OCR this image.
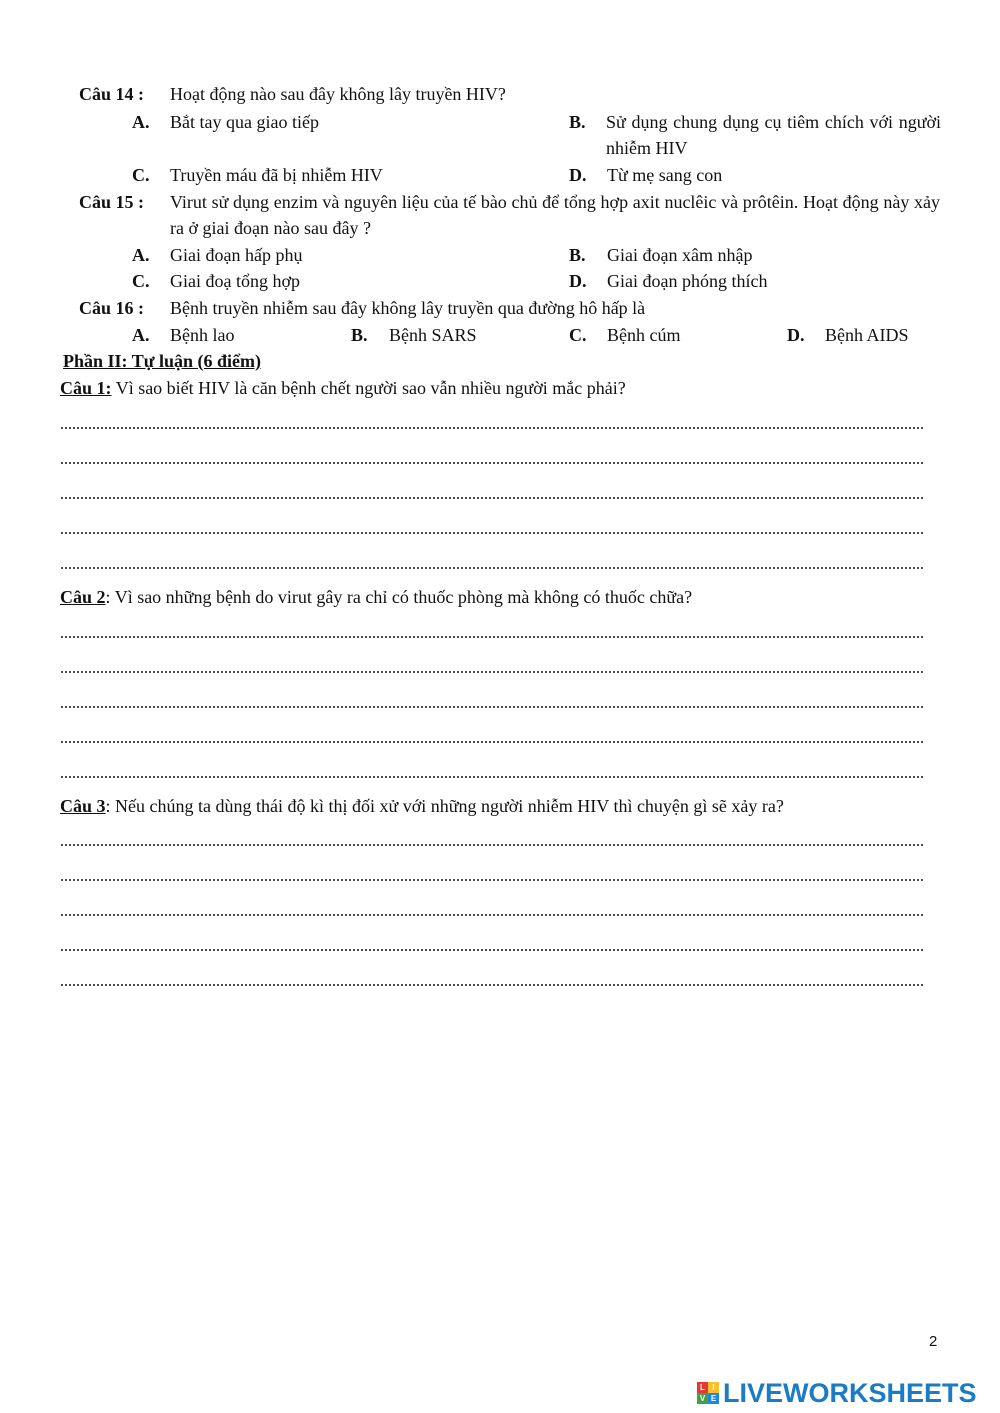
Câu 14 : Hoạt động nào sau đây không lây truyền HIV?
A. Bắt tay qua giao tiếp	B. Sử dụng chung dụng cụ tiêm chích với người nhiễm HIV
C. Truyền máu đã bị nhiễm HIV	D. Từ mẹ sang con
Câu 15 : Virut sử dụng enzim và nguyên liệu của tế bào chủ để tổng hợp axit nuclêic và prôtêin. Hoạt động này xảy ra ở giai đoạn nào sau đây ?
A. Giai đoạn hấp phụ	B. Giai đoạn xâm nhập
C. Giai đoạ tổng hợp	D. Giai đoạn phóng thích
Câu 16 : Bệnh truyền nhiễm sau đây không lây truyền qua đường hô hấp là
A. Bệnh lao	B. Bệnh SARS	C. Bệnh cúm	D. Bệnh AIDS
Phần II: Tự luận (6 điểm)
Câu 1: Vì sao biết HIV là căn bệnh chết người sao vẫn nhiều người mắc phải?
Câu 2: Vì sao những bệnh do virut gây ra chỉ có thuốc phòng mà không có thuốc chữa?
Câu 3: Nếu chúng ta dùng thái độ kì thị đối xử với những người nhiễm HIV thì chuyện gì sẽ xảy ra?
2
L I
V E LIVEWORKSHEETS
